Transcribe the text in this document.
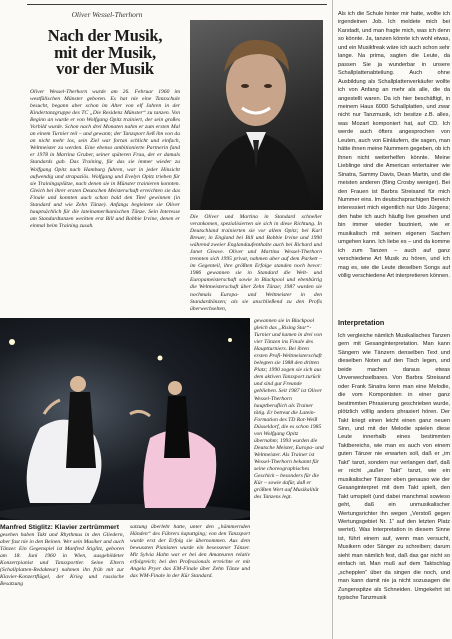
Oliver Wessel-Therhorn
Nach der Musik,
mit der Musik,
vor der Musik

Oliver Wessel-Therhorn wurde am 26. Februar 1960 im westfälischen Münster geboren. Es hat nie eine Tanzschule besucht, begann aber schon im Alter von elf Jahren in der Kindertanzgruppe des TC „Die Residenz Münster“ zu tanzen. Von Beginn an wurde er von Wolfgang Opitz trainiert, der sein großes Vorbild wurde. Schon nach drei Monaten nahm er zum ersten Mal an einem Turnier teil – und gewann; der Tanzsport ließ ihn von da an nicht mehr los, sein Ziel war fortan schlicht und einfach, Weltmeister zu werden. Eine ebenso ambitionierte Partnerin fand er 1978 in Martina Gruber, seiner späteren Frau, der er damals Standards gab. Das Training, für das sie immer wieder zu Wolfgang Opitz nach Hamburg fuhren, war in jeder Hinsicht aufwendig und strapaziös. Wolfgang und Evelyn Opitz trieben für sie Trainingsplätze, nach denen sie in Münster trainieren konnten. Gleich bei ihrer ersten Deutschen Meisterschaft erreichten sie das Finale und konnten auch schon bald den Titel gewinnen (in Standard und wie Zehn Tänze). Anfangs begleitete sie Oliver hauptsächlich für die lateinamerikanischen Tänze. Sein Interesse am Standardtanzen weckten erst Bill und Bobbie Irvine, denen er einmal beim Training zusah.

Die Oliver und Martina in Standard schneller verankomen, spezialisierten sie sich in diese Richtung. In Deutschland trainierten sie vor allem Opitz; bei Karl Breuer, in England bei Bill und Bobbie Irvine und 1990 während zweier Englandaufenthalte auch bei Richard und Janet Gleave. Oliver und Martina Wessel-Therhorn trennten sich 1995 privat, nahmen aber auf dem Parkett – im Gegenteil, ihre größten Erfolge standen noch bevor: 1986 gewannen sie in Standard die Welt- und Europameisterschaft sowie in Blackpool und ebenbürtig die Weltmeisterschaft über Zehn Tänze; 1987 wurden sie nochmals Europa- und Weltmeister in den Standardtänzen; als sie anschließend zu den Profis überwechselten,

gewannen sie in Blackpool gleich das „Rising Star“-Turnier und kamen in drei von vier Tänzen ins Finale des Hauptturniers. Bei ihren ersten Profi-Weltmeisterschaft belegten sie 1988 den dritten Platz; 1990 zogen sie sich aus dem aktiven Tanzsport zurück und sind gut Freunde geblieben. Seit 1987 ist Oliver Wessel-Therhorn hauptberuflich als Trainer tätig. Er betreut die Latein-Formation des TD Rot-Weiß Düsseldorf, die es schon 1985 von Wolfgang Opitz übernahm; 1993 wurden die Deutsche Meister, Europa- und Weltmeister. Als Trainer ist Wessel-Therhorn bekannt für seine choreographisches Geschick – besonders für die Kür – sowie dafür, daß er größten Wert auf Musikalität des Tanzens legt.

Manfred Stiglitz: Klavier zertrümmert

gesehen haben Takt und Rhythmus in den Gliedern, aber fast nie in den Beinen. Wer sein Musiker und auch Tänzer. Ein Gegenspiel ist Manfred Stiglitz, geboren am 18. Juni 1960 in Wien, ausgebildeter Konzertpianist und Tanzsportler. Seine Eltern (Schallplatten-Redakteur) nahmen ihn früh mit zur Klavier-Konzertflügel, der Krieg und russische Besatzung

satzung überlebt hatte, unter den „hämmernden Händen“ des Führers kaputtging; von den Tanzsport wurde erst der Erfolg sie übernommen. Aus dem bewussten Pianisten wurde ein besessener Tänzer. Mit Sylvia Hahn war er bei den Amateuren relativ erfolgreich; bei den Professionals erreichte er mit Angela Pryer das EM-Finale über Zehn Tänze und das WM-Finale in der Kür Standard.

Als ich die Schule hinter mir hatte, wollte ich irgendeinen Job. Ich meldete mich bei Karstadt, und man fragte mich, was ich denn so könnte. Ja, tanzen könnte ich wohl etwas, und ein Musikfreak wäre ich auch schon sehr lange. Na prima, sagten die Leute, da passen Sie ja wunderbar in unsere Schallplattenabteilung. Auch ohne Ausbildung als Schallplattenverkäufer wollte ich von Anfang an mehr als alle, die da angestellt waren. Da ich hier beschäftigt, in meinem Haus 6000 Schallplatten, und zwar nicht nur Tanzmusik, ich besitze z.B. alles, was Mozart komponiert hat, auf CD. Ich werde auch öfters angesprochen von Leuten, auch von Einläufern, die sagen, man hätte ihnen meine Nummern gegeben, ob ich ihnen nicht weiterhelfen könnte. Meine Lieblinge sind die American entertainer wie Sinatra, Sammy Davis, Dean Martin, und die meisten anderen (Bing Crosby weniger). Bei den Frauen ist Barbra Streisand für mich Nummer eins. Im deutschsprachigen Bereich interessiert mich eigentlich nur Udo Jürgens; den habe ich auch häufig live gesehen und bin immer wieder fasziniert, wie er musikalisch mit seinen eigenen Sachen umgehen kann. Ich liebe es – und da komme ich zum Tanzen – auch auf ganz verschiedene Art Musik zu hören, und ich mag es, wie die Leute dieselben Songs auf völlig verschiedene Art interpretieren können.

Interpretation

Ich vergleiche nämlich Musikalisches Tanzen gern mit Gesanginterpretation. Man kann Sängern wie Tänzern denselben Text und dieselben Noten auf den Tisch legen, und beide machen daraus etwas Unverwechselbares. Von Barbra Streisand oder Frank Sinatra kenn man eine Melodie, die vom Komponisten in einer ganz bestimmten Phrasierung geschrieben wurde, plötzlich völlig anders phrasiert hören. Der Takt kriegt einen leicht einen ganz neuen Sinn, und mit der Melodie spielen diese Leute innerhalb eines bestimmten Taktbereichs, wie man es auch von einem guten Tänzer nie erwarten soll, daß er „im Takt“ tanzt, sondern nur verlangen darf, daß er nicht „außer Takt“ tanzt, wie ein musikalischer Tänzer eben genauso wie der Gesanginterpret mit dem Takt spielt, den Takt umspielt (und dabei manchmal sowieso geht, daß ein unmusikalischer Wertungsrichter ihn wegen „Verstoß gegen Wertungsgebiet Nr. 1“ auf den letzten Platz wertet). Was Interpretation in diesem Sinne ist, führt einem auf, wenn man versucht, Musikern oder Sänger zu schreiben; darum sieht man nämlich fest, daß das gar nicht so einfach ist. Man muß auf dem Taktschlag „schepplen“ über da singen die noch, und man kann damit nie ja nicht sozusagen die Zungenspitze als Schneiden. Umgekehrt ist typische Tanzmusik
